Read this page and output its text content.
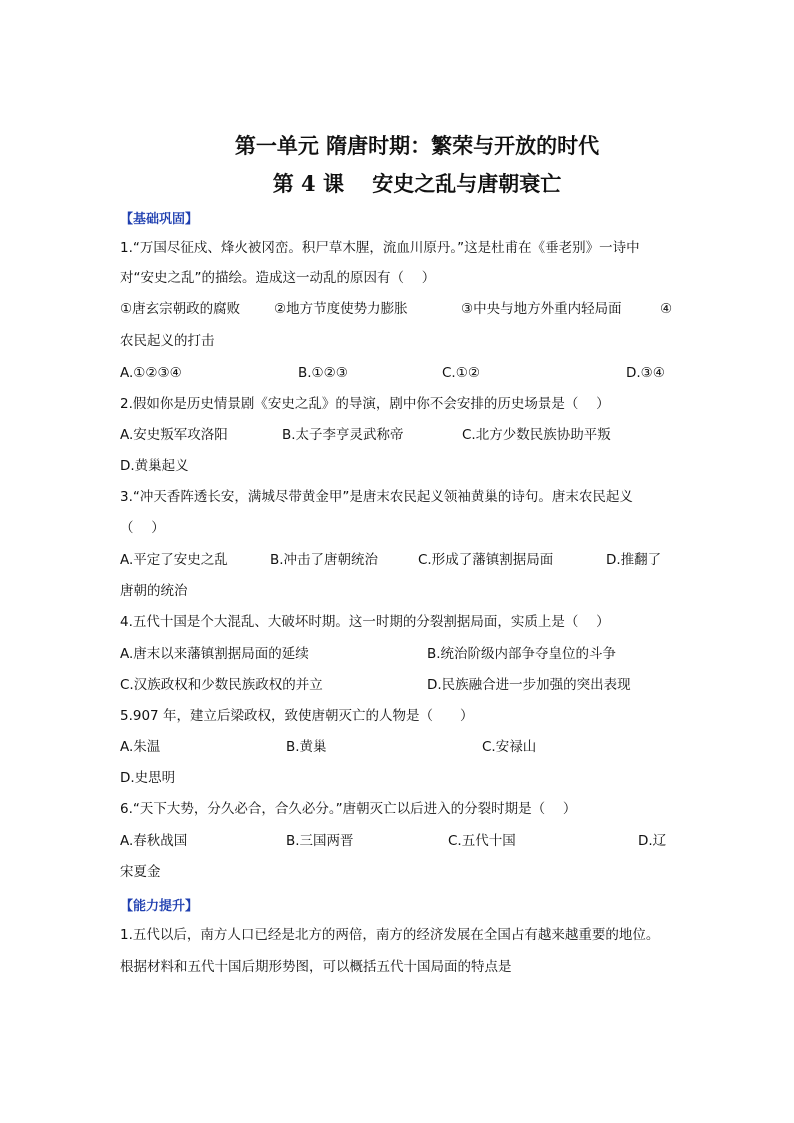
第一单元 隋唐时期：繁荣与开放的时代
第 4 课　 安史之乱与唐朝衰亡
【基础巩固】
1.“万国尽征戍、烽火被冈峦。积尸草木腥，流血川原丹。”这是杜甫在《垂老别》一诗中
对“安史之乱”的描绘。造成这一动乱的原因有（　 ）
①唐玄宗朝政的腐败	②地方节度使势力膨胀	③中央与地方外重内轻局面	④
农民起义的打击
A.①②③④	B.①②③	C.①②	D.③④
2.假如你是历史情景剧《安史之乱》的导演，剧中你不会安排的历史场景是（　 ）
A.安史叛军攻洛阳	B.太子李亨灵武称帝	C.北方少数民族协助平叛
D.黄巢起义
3.“冲天香阵透长安，满城尽带黄金甲”是唐末农民起义领袖黄巢的诗句。唐末农民起义
（　 ）
A.平定了安史之乱	B.冲击了唐朝统治	C.形成了藩镇割据局面	D.推翻了
唐朝的统治
4.五代十国是个大混乱、大破坏时期。这一时期的分裂割据局面，实质上是（　 ）
A.唐末以来藩镇割据局面的延续	B.统治阶级内部争夺皇位的斗争
C.汉族政权和少数民族政权的并立	D.民族融合进一步加强的突出表现
5.907 年，建立后梁政权，致使唐朝灭亡的人物是（　　）
A.朱温	B.黄巢	C.安禄山
D.史思明
6.“天下大势，分久必合，合久必分。”唐朝灭亡以后进入的分裂时期是（　 ）
A.春秋战国	B.三国两晋	C.五代十国	D.辽
宋夏金
【能力提升】
1.五代以后，南方人口已经是北方的两倍，南方的经济发展在全国占有越来越重要的地位。
根据材料和五代十国后期形势图，可以概括五代十国局面的特点是
